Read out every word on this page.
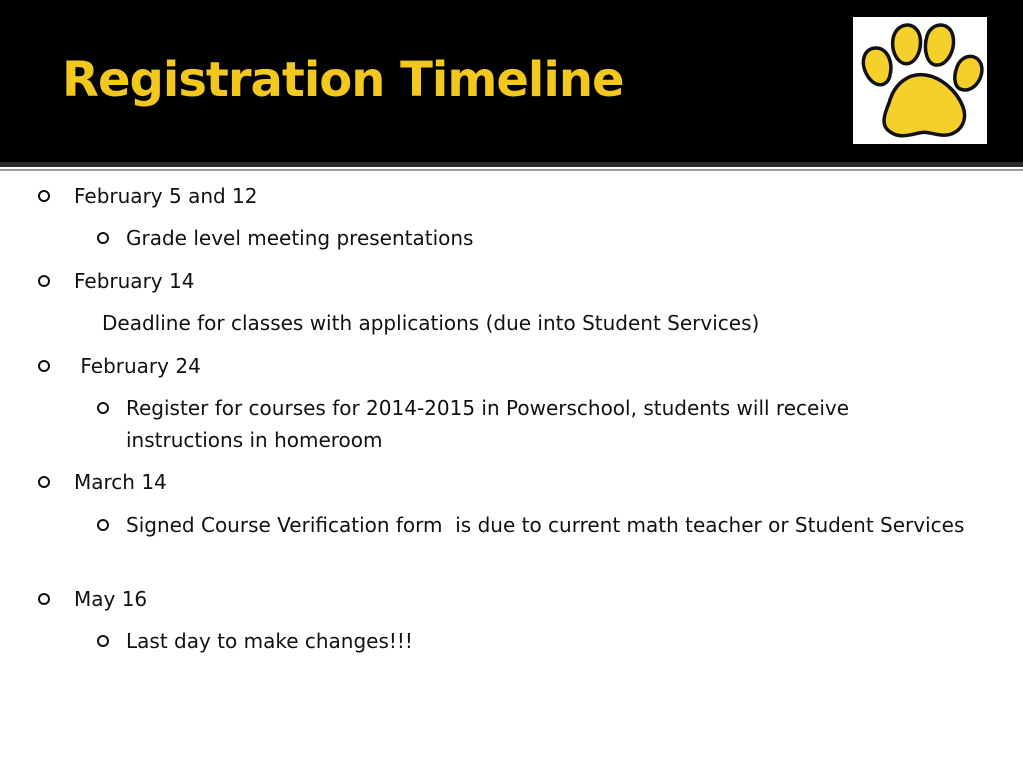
Registration Timeline
February 5 and 12
Grade level meeting presentations
February 14
Deadline for classes with applications (due into Student Services)
February 24
Register for courses for 2014-2015 in Powerschool, students will receive instructions in homeroom
March 14
Signed Course Verification form  is due to current math teacher or Student Services
May 16
Last day to make changes!!!
